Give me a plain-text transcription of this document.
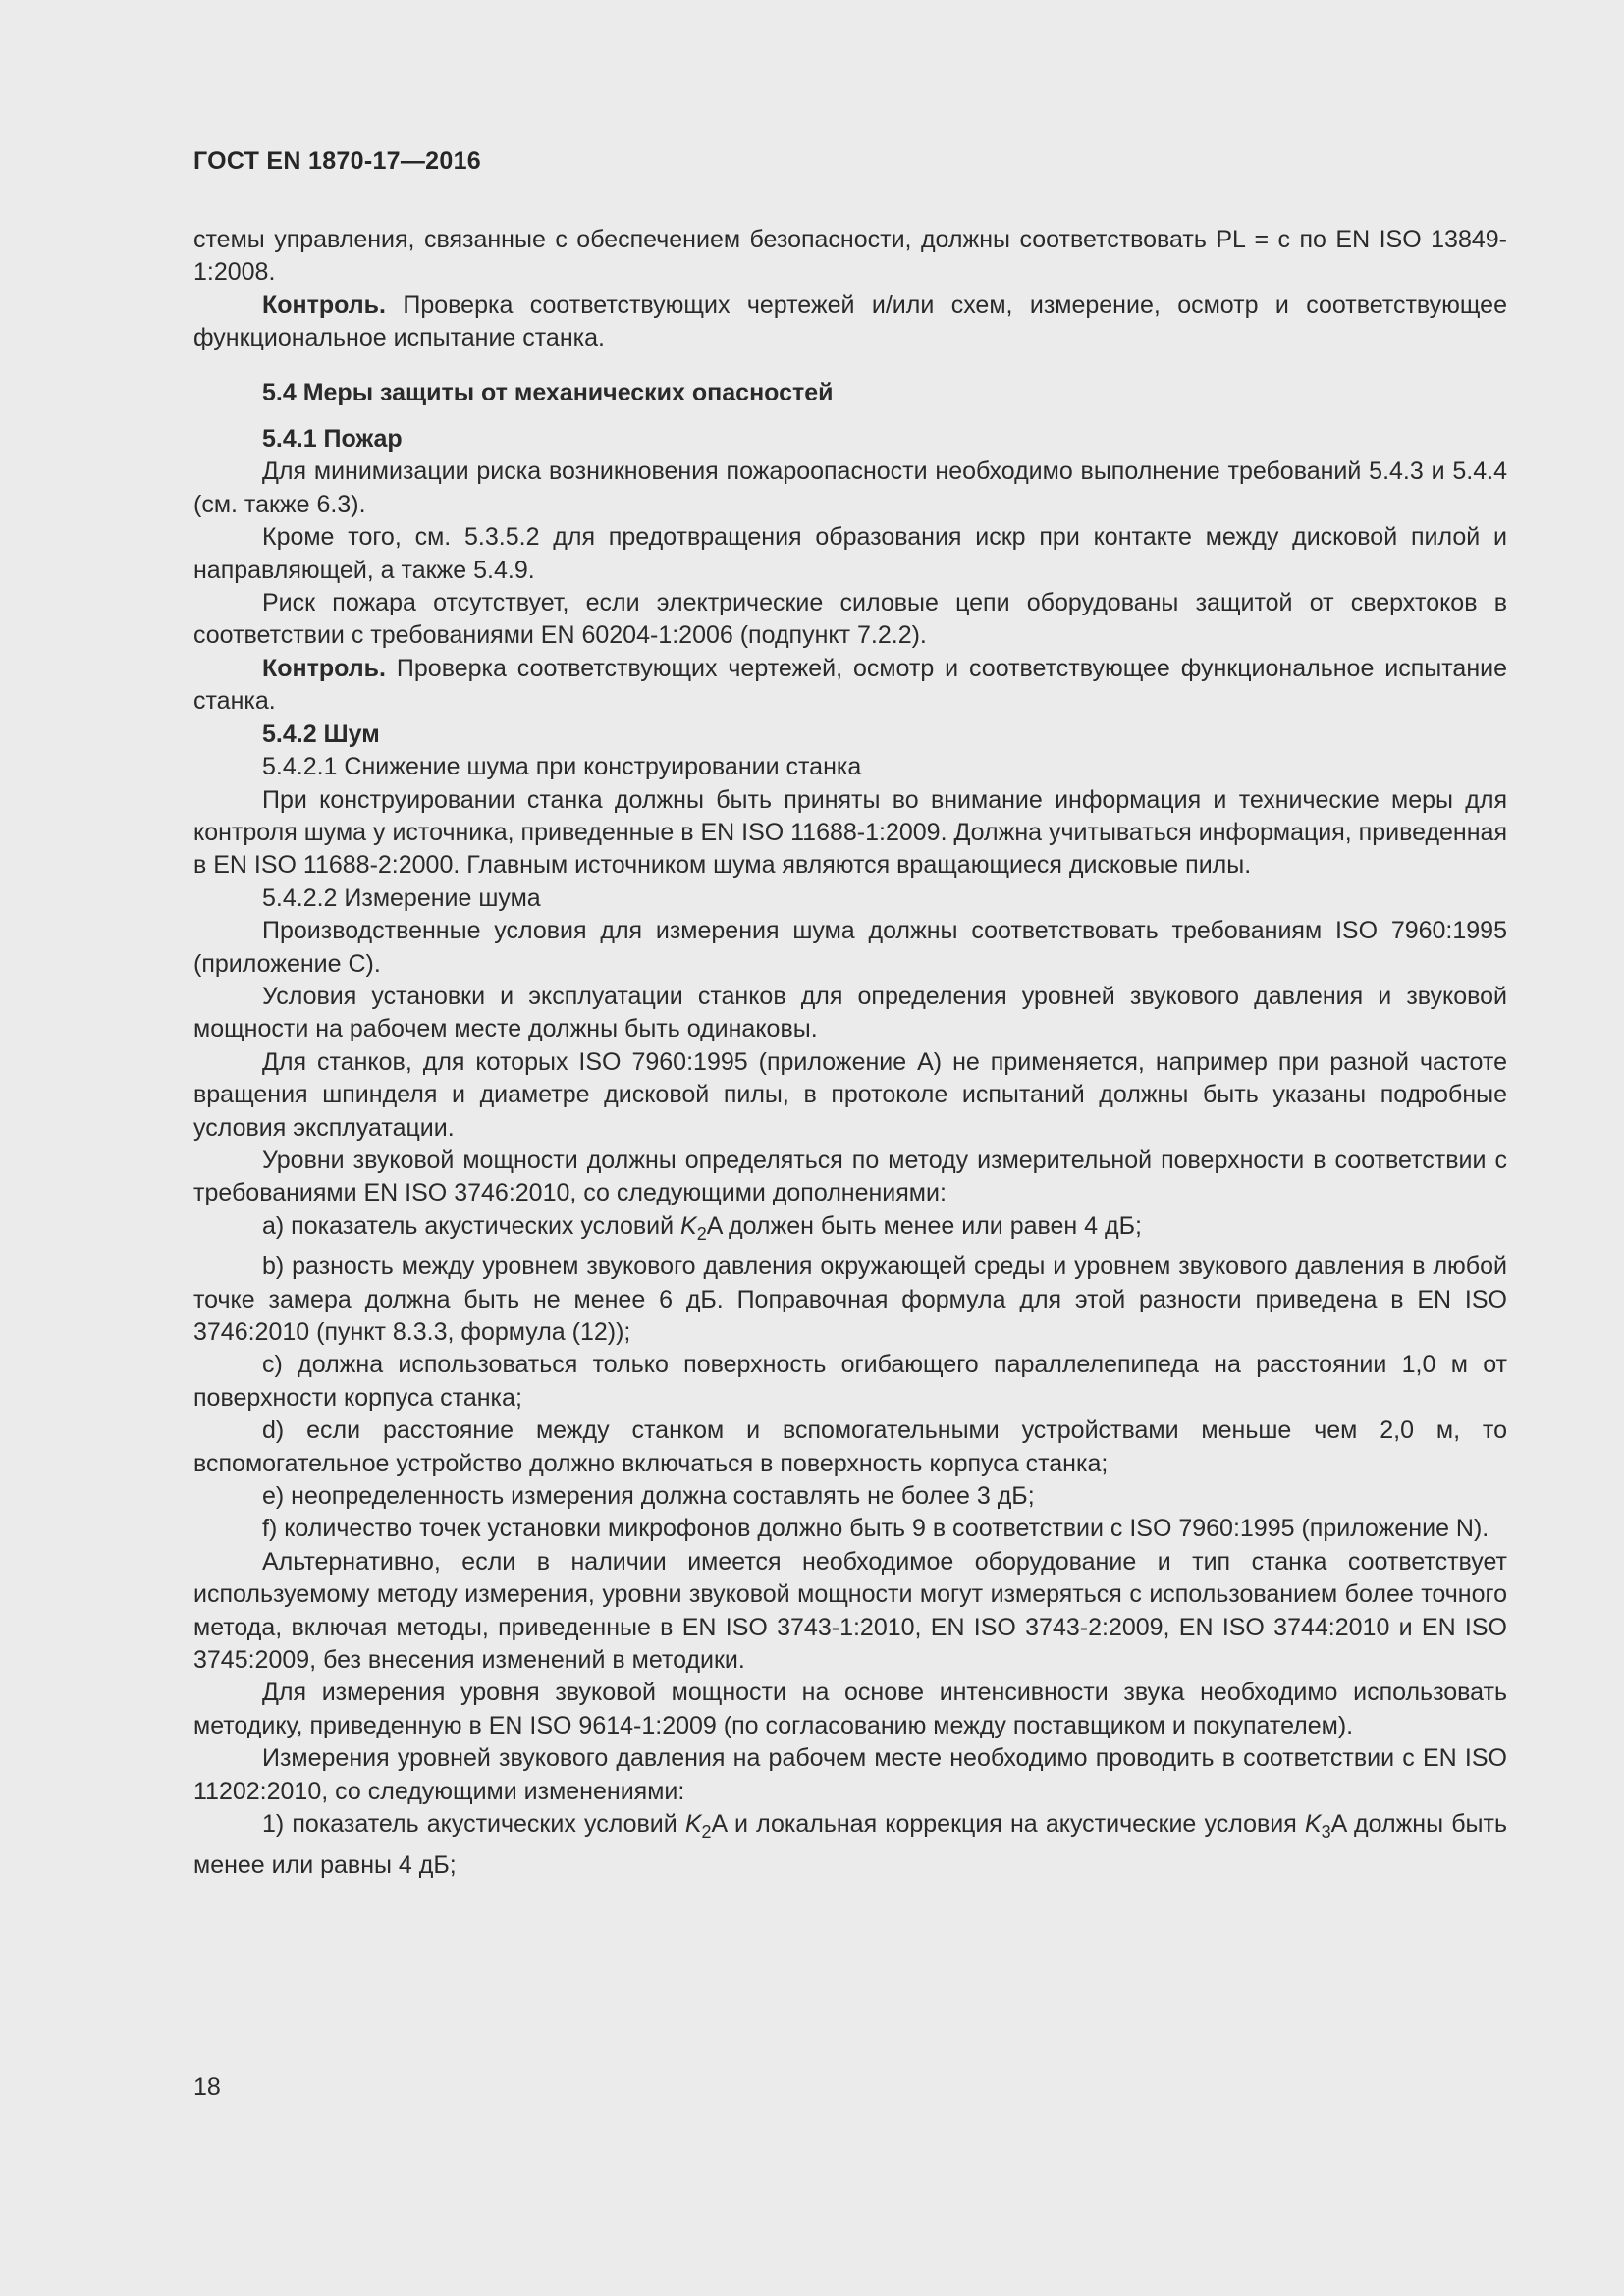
ГОСТ EN 1870-17—2016

стемы управления, связанные с обеспечением безопасности, должны соответствовать PL = с по EN ISO 13849-1:2008.

Контроль. Проверка соответствующих чертежей и/или схем, измерение, осмотр и соответствующее функциональное испытание станка.

5.4 Меры защиты от механических опасностей

5.4.1 Пожар

Для минимизации риска возникновения пожароопасности необходимо выполнение требований 5.4.3 и 5.4.4 (см. также 6.3).

Кроме того, см. 5.3.5.2 для предотвращения образования искр при контакте между дисковой пилой и направляющей, а также 5.4.9.

Риск пожара отсутствует, если электрические силовые цепи оборудованы защитой от сверхтоков в соответствии с требованиями EN 60204-1:2006 (подпункт 7.2.2).

Контроль. Проверка соответствующих чертежей, осмотр и соответствующее функциональное испытание станка.

5.4.2 Шум

5.4.2.1 Снижение шума при конструировании станка

При конструировании станка должны быть приняты во внимание информация и технические меры для контроля шума у источника, приведенные в EN ISO 11688-1:2009. Должна учитываться информация, приведенная в EN ISO 11688-2:2000. Главным источником шума являются вращающиеся дисковые пилы.

5.4.2.2 Измерение шума

Производственные условия для измерения шума должны соответствовать требованиям ISO 7960:1995 (приложение С).

Условия установки и эксплуатации станков для определения уровней звукового давления и звуковой мощности на рабочем месте должны быть одинаковы.

Для станков, для которых ISO 7960:1995 (приложение А) не применяется, например при разной частоте вращения шпинделя и диаметре дисковой пилы, в протоколе испытаний должны быть указаны подробные условия эксплуатации.

Уровни звуковой мощности должны определяться по методу измерительной поверхности в соответствии с требованиями EN ISO 3746:2010, со следующими дополнениями:

a) показатель акустических условий $K_2A$ должен быть менее или равен 4 дБ;

b) разность между уровнем звукового давления окружающей среды и уровнем звукового давления в любой точке замера должна быть не менее 6 дБ. Поправочная формула для этой разности приведена в EN ISO 3746:2010 (пункт 8.3.3, формула (12));

c) должна использоваться только поверхность огибающего параллелепипеда на расстоянии 1,0 м от поверхности корпуса станка;

d) если расстояние между станком и вспомогательными устройствами меньше чем 2,0 м, то вспомогательное устройство должно включаться в поверхность корпуса станка;

e) неопределенность измерения должна составлять не более 3 дБ;

f) количество точек установки микрофонов должно быть 9 в соответствии с ISO 7960:1995 (приложение N).

Альтернативно, если в наличии имеется необходимое оборудование и тип станка соответствует используемому методу измерения, уровни звуковой мощности могут измеряться с использованием более точного метода, включая методы, приведенные в EN ISO 3743-1:2010, EN ISO 3743-2:2009, EN ISO 3744:2010 и EN ISO 3745:2009, без внесения изменений в методики.

Для измерения уровня звуковой мощности на основе интенсивности звука необходимо использовать методику, приведенную в EN ISO 9614-1:2009 (по согласованию между поставщиком и покупателем).

Измерения уровней звукового давления на рабочем месте необходимо проводить в соответствии с EN ISO 11202:2010, со следующими изменениями:

1) показатель акустических условий $K_2A$ и локальная коррекция на акустические условия $K_3A$ должны быть менее или равны 4 дБ;

18
